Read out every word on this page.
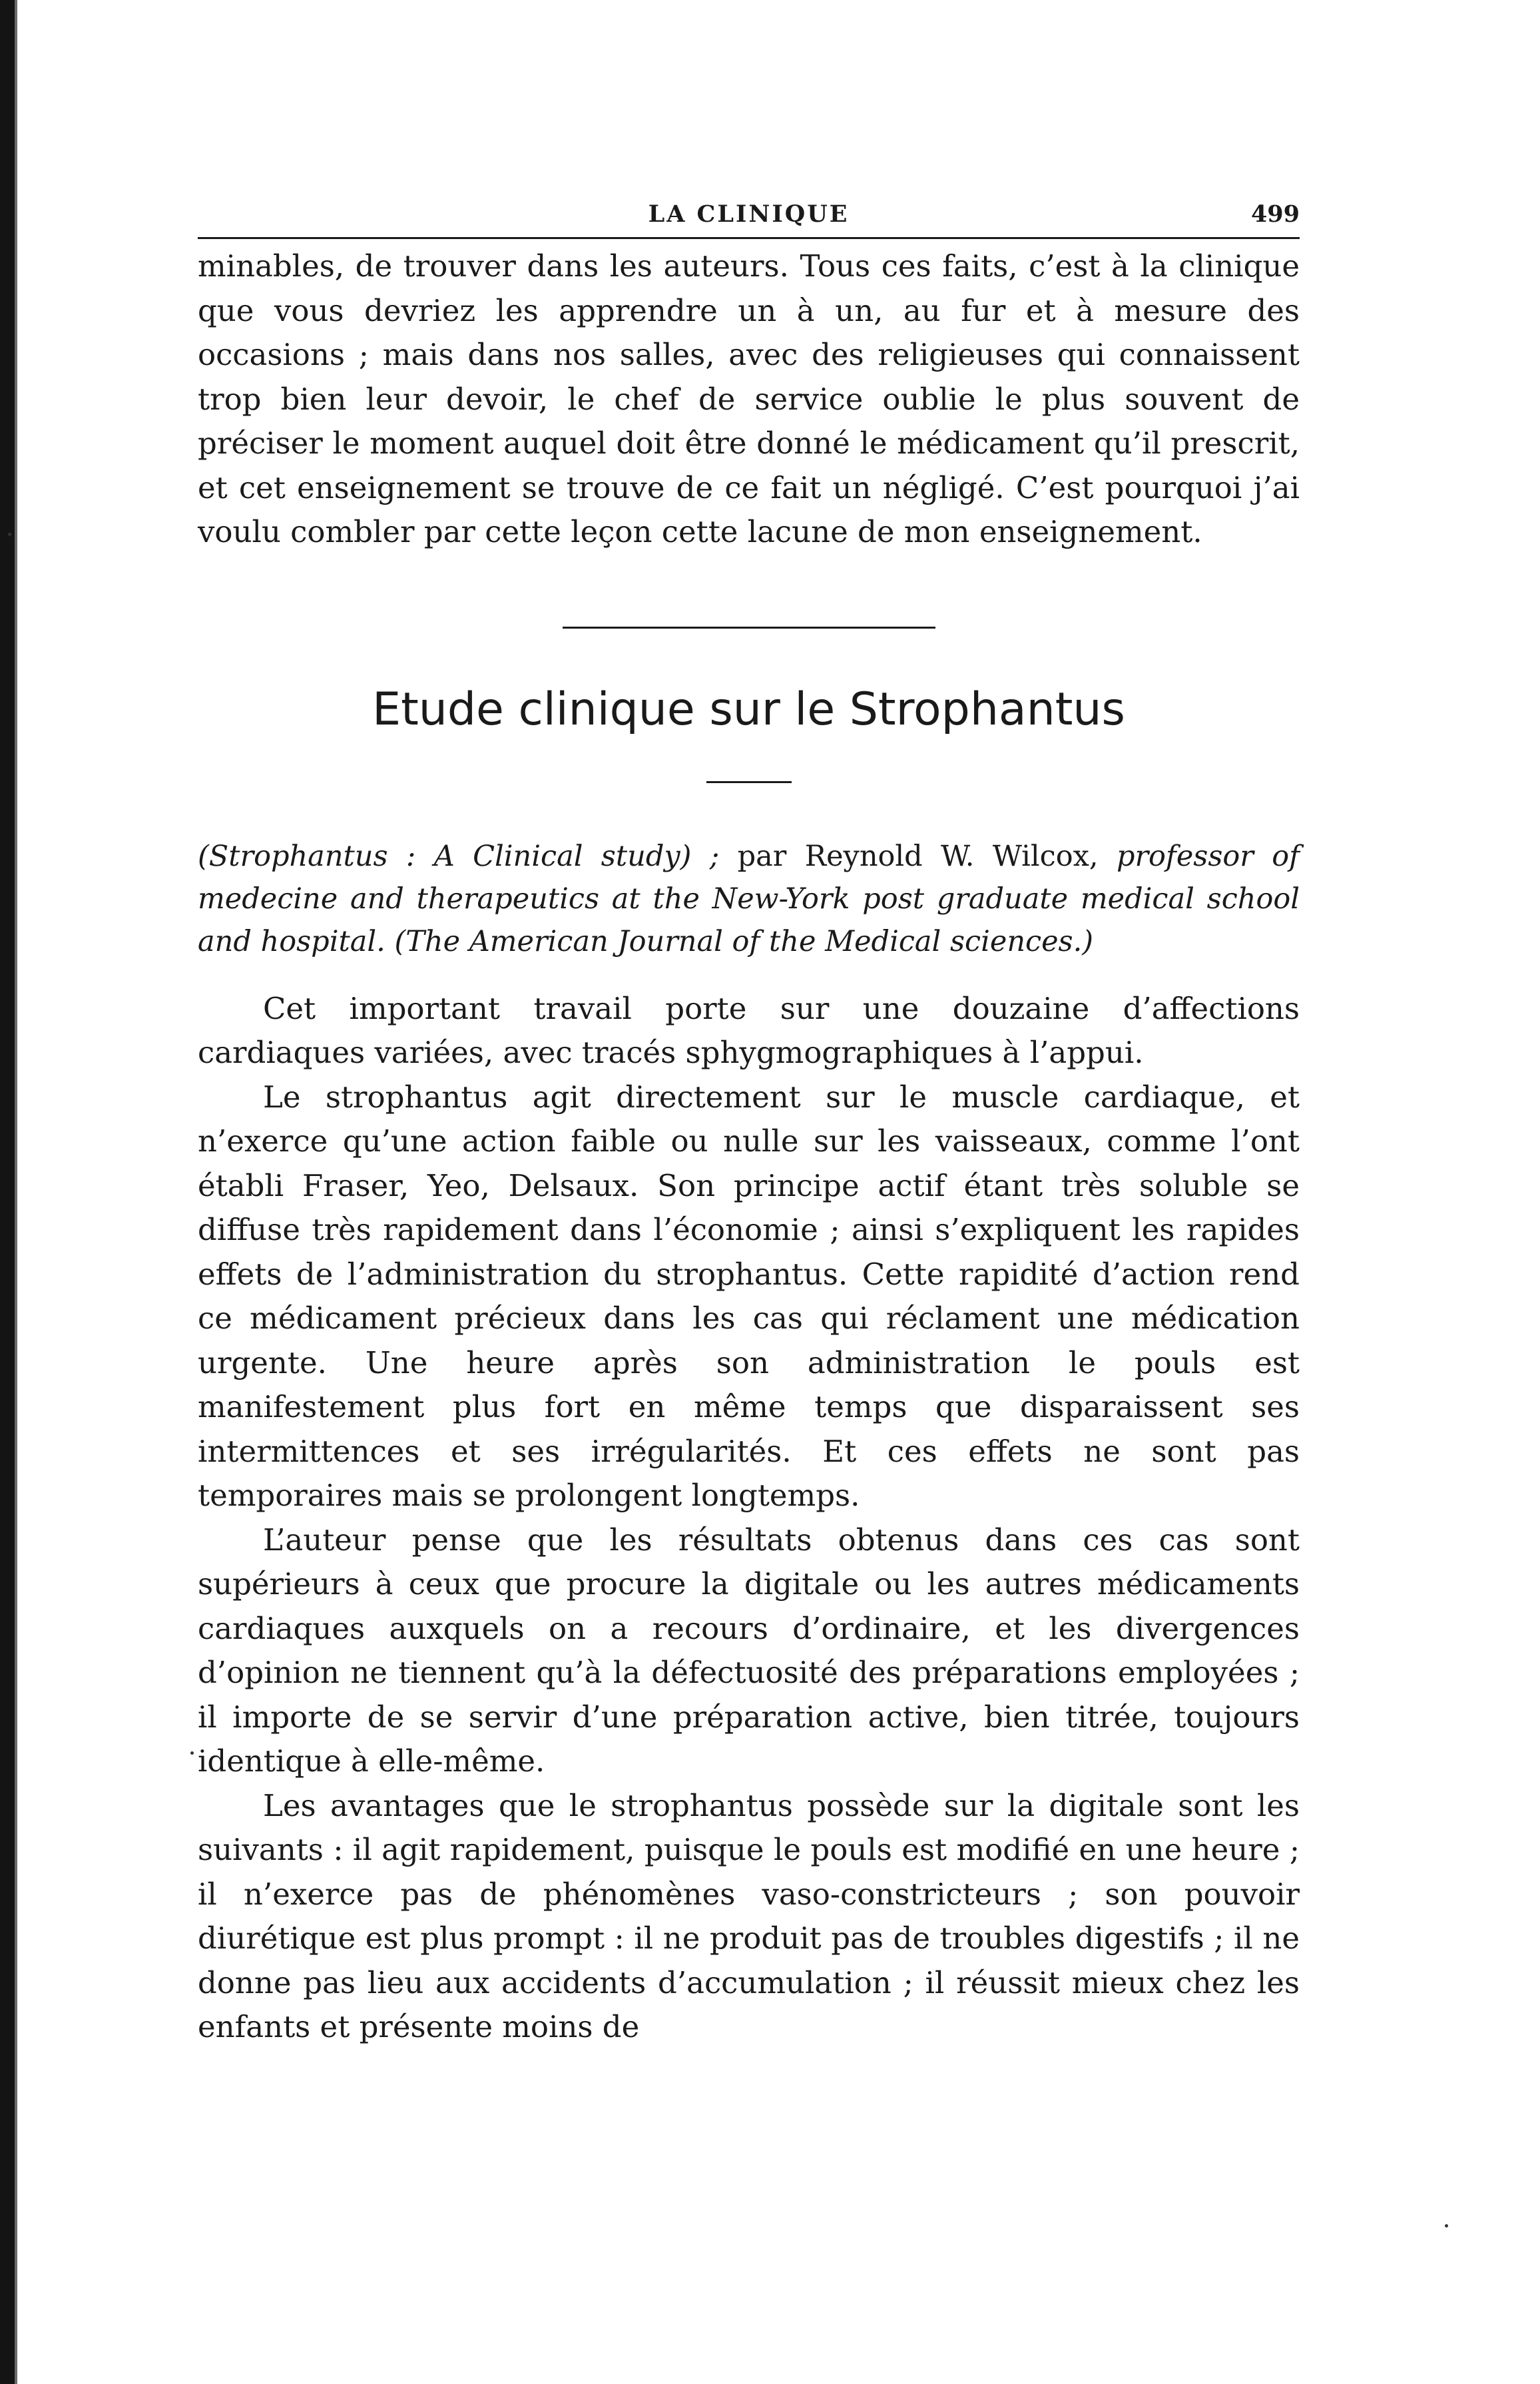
LA CLINIQUE	499

minables, de trouver dans les auteurs. Tous ces faits, c’est à la clinique que vous devriez les apprendre un à un, au fur et à mesure des occasions ; mais dans nos salles, avec des religieuses qui connaissent trop bien leur devoir, le chef de service oublie le plus souvent de préciser le moment auquel doit être donné le médicament qu’il prescrit, et cet enseignement se trouve de ce fait un négligé. C’est pourquoi j’ai voulu combler par cette leçon cette lacune de mon enseignement.

Etude clinique sur le Strophantus

(Strophantus : A Clinical study) ; par Reynold W. Wilcox, professor of medecine and therapeutics at the New-York post graduate medical school and hospital. (The American Journal of the Medical sciences.)

Cet important travail porte sur une douzaine d’affections cardiaques variées, avec tracés sphygmographiques à l’appui.

Le strophantus agit directement sur le muscle cardiaque, et n’exerce qu’une action faible ou nulle sur les vaisseaux, comme l’ont établi Fraser, Yeo, Delsaux. Son principe actif étant très soluble se diffuse très rapidement dans l’économie ; ainsi s’expliquent les rapides effets de l’administration du strophantus. Cette rapidité d’action rend ce médicament précieux dans les cas qui réclament une médication urgente. Une heure après son administration le pouls est manifestement plus fort en même temps que disparaissent ses intermittences et ses irrégularités. Et ces effets ne sont pas temporaires mais se prolongent longtemps.

L’auteur pense que les résultats obtenus dans ces cas sont supérieurs à ceux que procure la digitale ou les autres médicaments cardiaques auxquels on a recours d’ordinaire, et les divergences d’opinion ne tiennent qu’à la défectuosité des préparations employées ; il importe de se servir d’une préparation active, bien titrée, toujours identique à elle-même.

Les avantages que le strophantus possède sur la digitale sont les suivants : il agit rapidement, puisque le pouls est modifié en une heure ; il n’exerce pas de phénomènes vaso-constricteurs ; son pouvoir diurétique est plus prompt : il ne produit pas de troubles digestifs ; il ne donne pas lieu aux accidents d’accumulation ; il réussit mieux chez les enfants et présente moins de
